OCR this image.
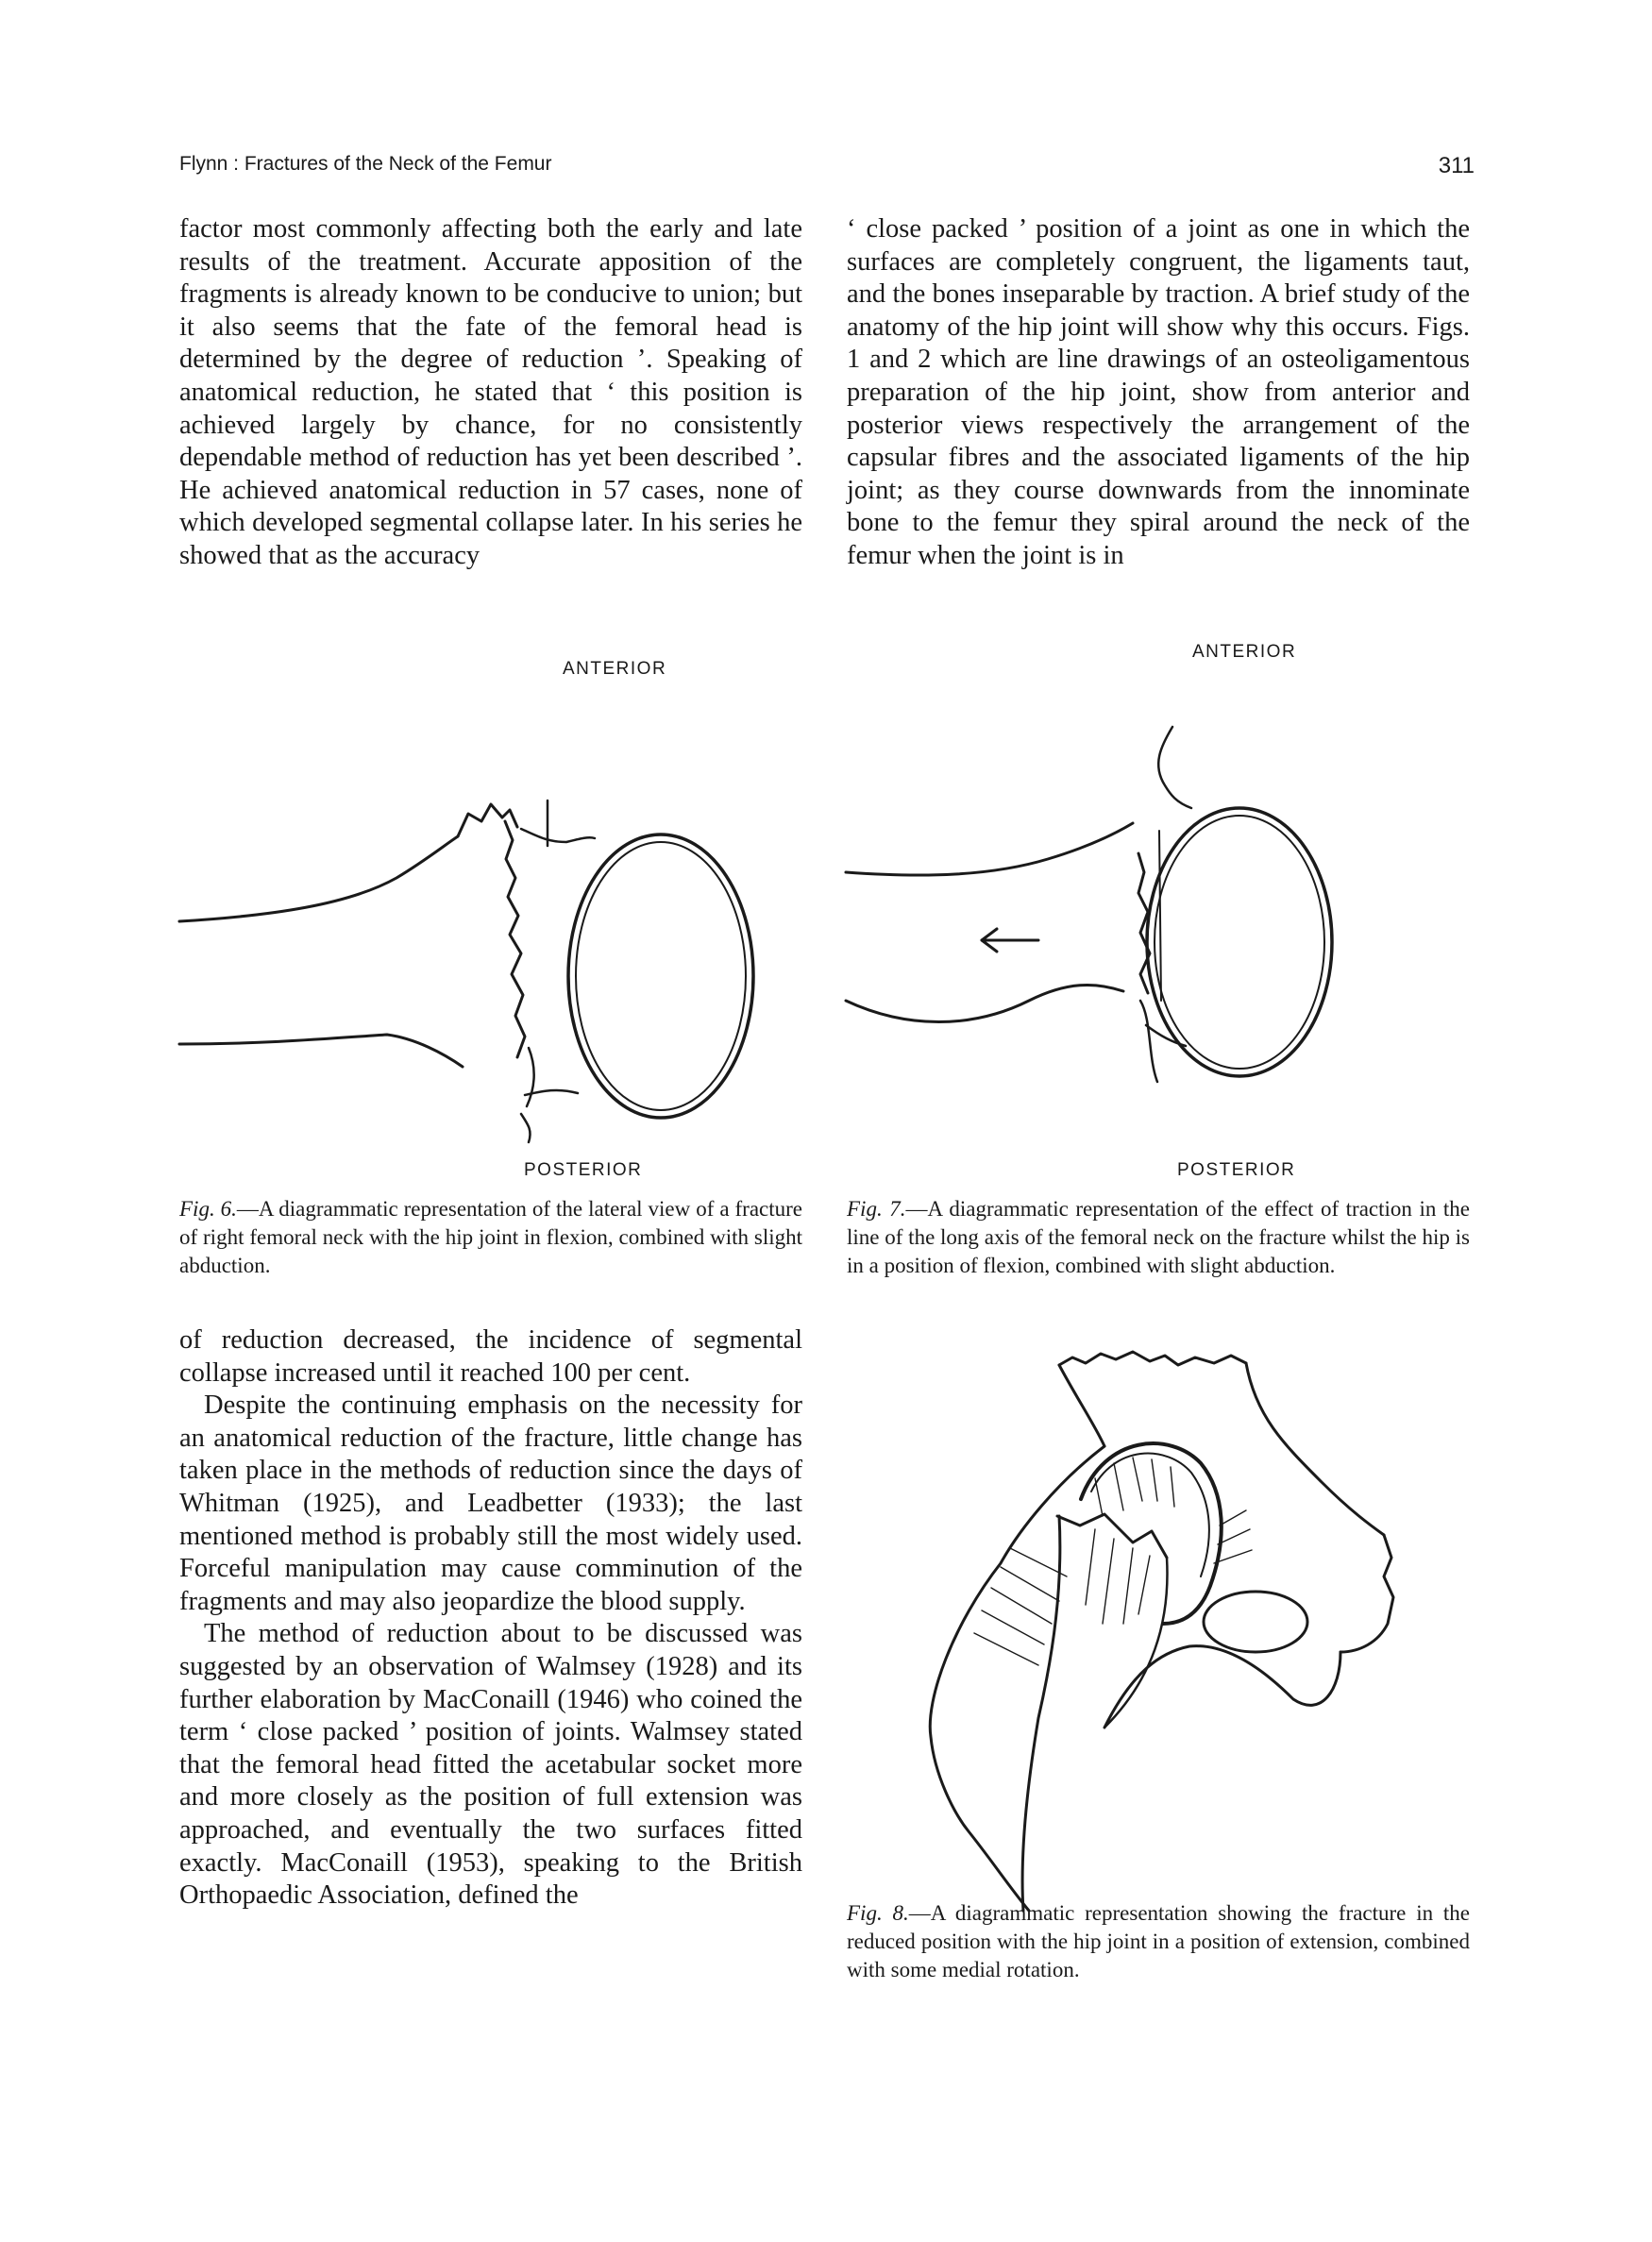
Flynn : Fractures of the Neck of the Femur	311

factor most commonly affecting both the early and late results of the treatment. Accurate apposition of the fragments is already known to be conducive to union; but it also seems that the fate of the femoral head is determined by the degree of reduction ’. Speaking of anatomical reduction, he stated that ‘ this position is achieved largely by chance, for no consistently dependable method of reduction has yet been described ’. He achieved anatomical reduction in 57 cases, none of which developed segmental collapse later. In his series he showed that as the accuracy

‘ close packed ’ position of a joint as one in which the surfaces are completely congruent, the ligaments taut, and the bones inseparable by traction. A brief study of the anatomy of the hip joint will show why this occurs. Figs. 1 and 2 which are line drawings of an osteoligamentous preparation of the hip joint, show from anterior and posterior views respectively the arrangement of the capsular fibres and the associated ligaments of the hip joint; as they course downwards from the innominate bone to the femur they spiral around the neck of the femur when the joint is in

ANTERIOR
POSTERIOR
Fig. 6.—A diagrammatic representation of the lateral view of a fracture of right femoral neck with the hip joint in flexion, combined with slight abduction.
ANTERIOR
POSTERIOR
Fig. 7.—A diagrammatic representation of the effect of traction in the line of the long axis of the femoral neck on the fracture whilst the hip is in a position of flexion, combined with slight abduction.
Fig. 8.—A diagrammatic representation showing the fracture in the reduced position with the hip joint in a position of extension, combined with some medial rotation.

of reduction decreased, the incidence of segmental collapse increased until it reached 100 per cent.

Despite the continuing emphasis on the necessity for an anatomical reduction of the fracture, little change has taken place in the methods of reduction since the days of Whitman (1925), and Leadbetter (1933); the last mentioned method is probably still the most widely used. Forceful manipulation may cause comminution of the fragments and may also jeopardize the blood supply.

The method of reduction about to be discussed was suggested by an observation of Walmsey (1928) and its further elaboration by MacConaill (1946) who coined the term ‘ close packed ’ position of joints. Walmsey stated that the femoral head fitted the acetabular socket more and more closely as the position of full extension was approached, and eventually the two surfaces fitted exactly. MacConaill (1953), speaking to the British Orthopaedic Association, defined the
